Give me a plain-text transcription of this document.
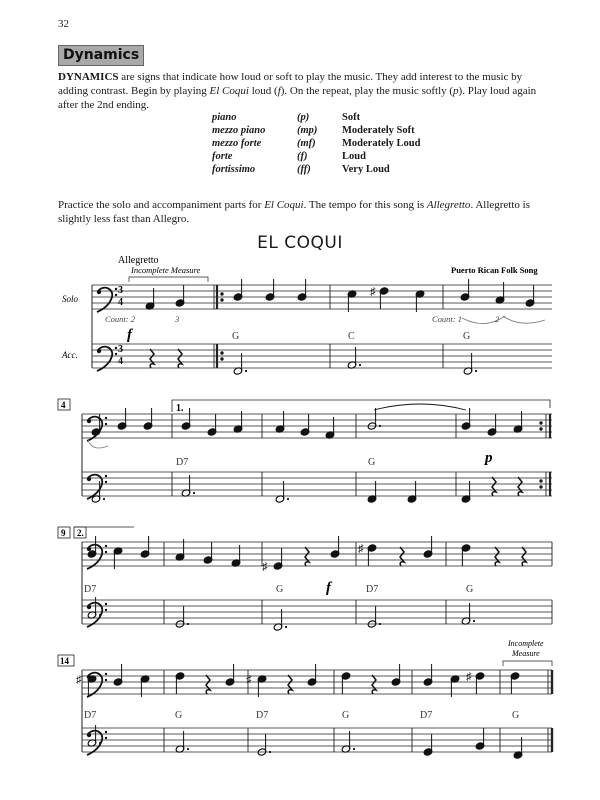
32
Dynamics
DYNAMICS are signs that indicate how loud or soft to play the music. They add interest to the music by adding contrast. Begin by playing El Coqui loud (f). On the repeat, play the music softly (p). Play loud again after the 2nd ending.
piano	(p)	Soft
mezzo piano	(mp)	Moderately Soft
mezzo forte	(mf)	Moderately Loud
forte	(f)	Loud
fortissimo	(ff)	Very Loud
Practice the solo and accompaniment parts for El Coqui. The tempo for this song is Allegretto. Allegretto is slightly less fast than Allegro.
EL COQUI
♯
♯
♯
♯	♯	♯
Allegretto
Incomplete Measure	Puerto Rican Folk Song
Solo
Acc.
Count: 2	3	Count: 1	2
f
p
f
3
4
3
4
4
9
14
1.
2.
Incomplete
Measure
G	C	G
D7	G
D7	G	D7	G
D7	G	D7	G	D7	G
